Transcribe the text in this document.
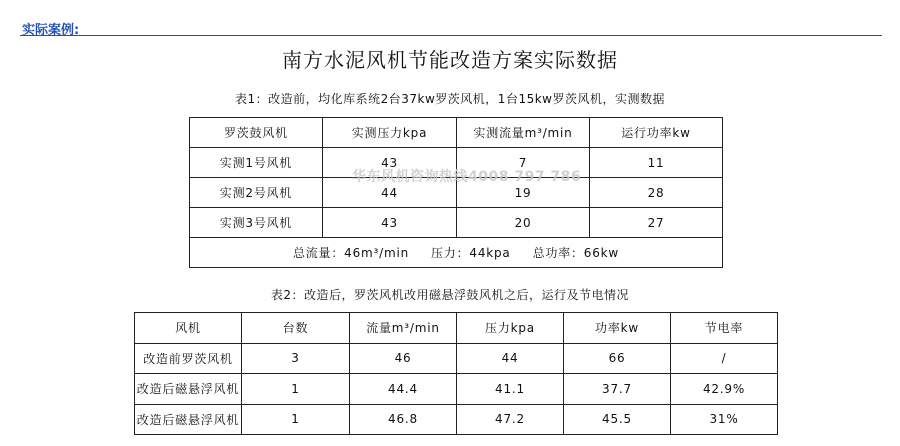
实际案例:
南方水泥风机节能改造方案实际数据
表1：改造前，均化库系统2台37kw罗茨风机，1台15kw罗茨风机，实测数据
罗茨鼓风机	实测压力kpa	实测流量m³/min	运行功率kw
实测1号风机	43	7	11
实测2号风机	44	19	28
实测3号风机	43	20	27
总流量：46m³/min 压力：44kpa 总功率：66kw			
华东风机咨询热线4008 797 786
表2：改造后，罗茨风机改用磁悬浮鼓风机之后，运行及节电情况
风机	台数	流量m³/min	压力kpa	功率kw	节电率
改造前罗茨风机	3	46	44	66	/
改造后磁悬浮风机	1	44.4	41.1	37.7	42.9%
改造后磁悬浮风机	1	46.8	47.2	45.5	31%
